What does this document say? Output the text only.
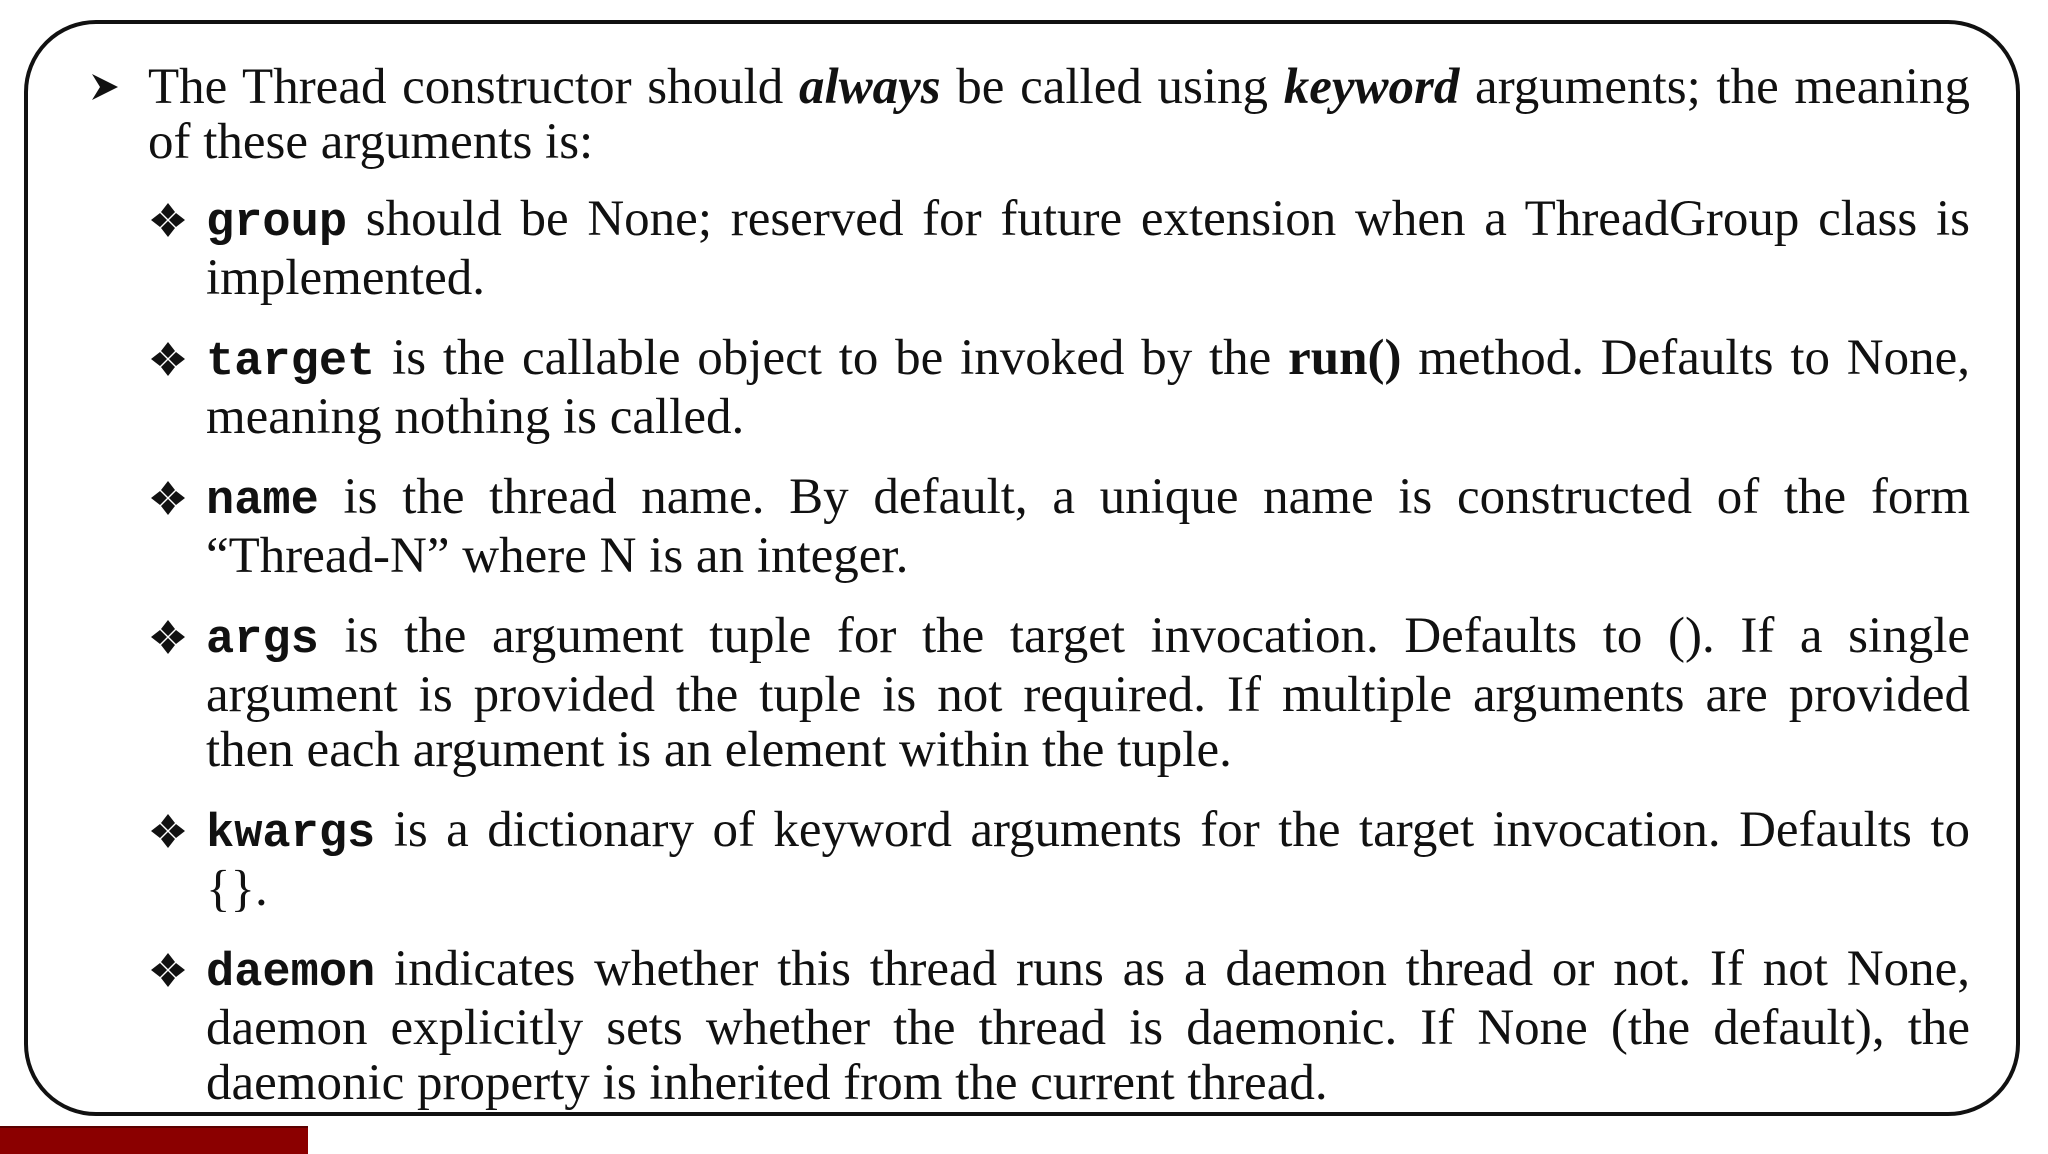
The Thread constructor should always be called using keyword arguments; the meaning of these arguments is:
group should be None; reserved for future extension when a ThreadGroup class is implemented.
target is the callable object to be invoked by the run() method. Defaults to None, meaning nothing is called.
name is the thread name. By default, a unique name is constructed of the form “Thread-N” where N is an integer.
args is the argument tuple for the target invocation. Defaults to (). If a single argument is provided the tuple is not required. If multiple arguments are provided then each argument is an element within the tuple.
kwargs is a dictionary of keyword arguments for the target invocation. Defaults to {}.
daemon indicates whether this thread runs as a daemon thread or not. If not None, daemon explicitly sets whether the thread is daemonic. If None (the default), the daemonic property is inherited from the current thread.
